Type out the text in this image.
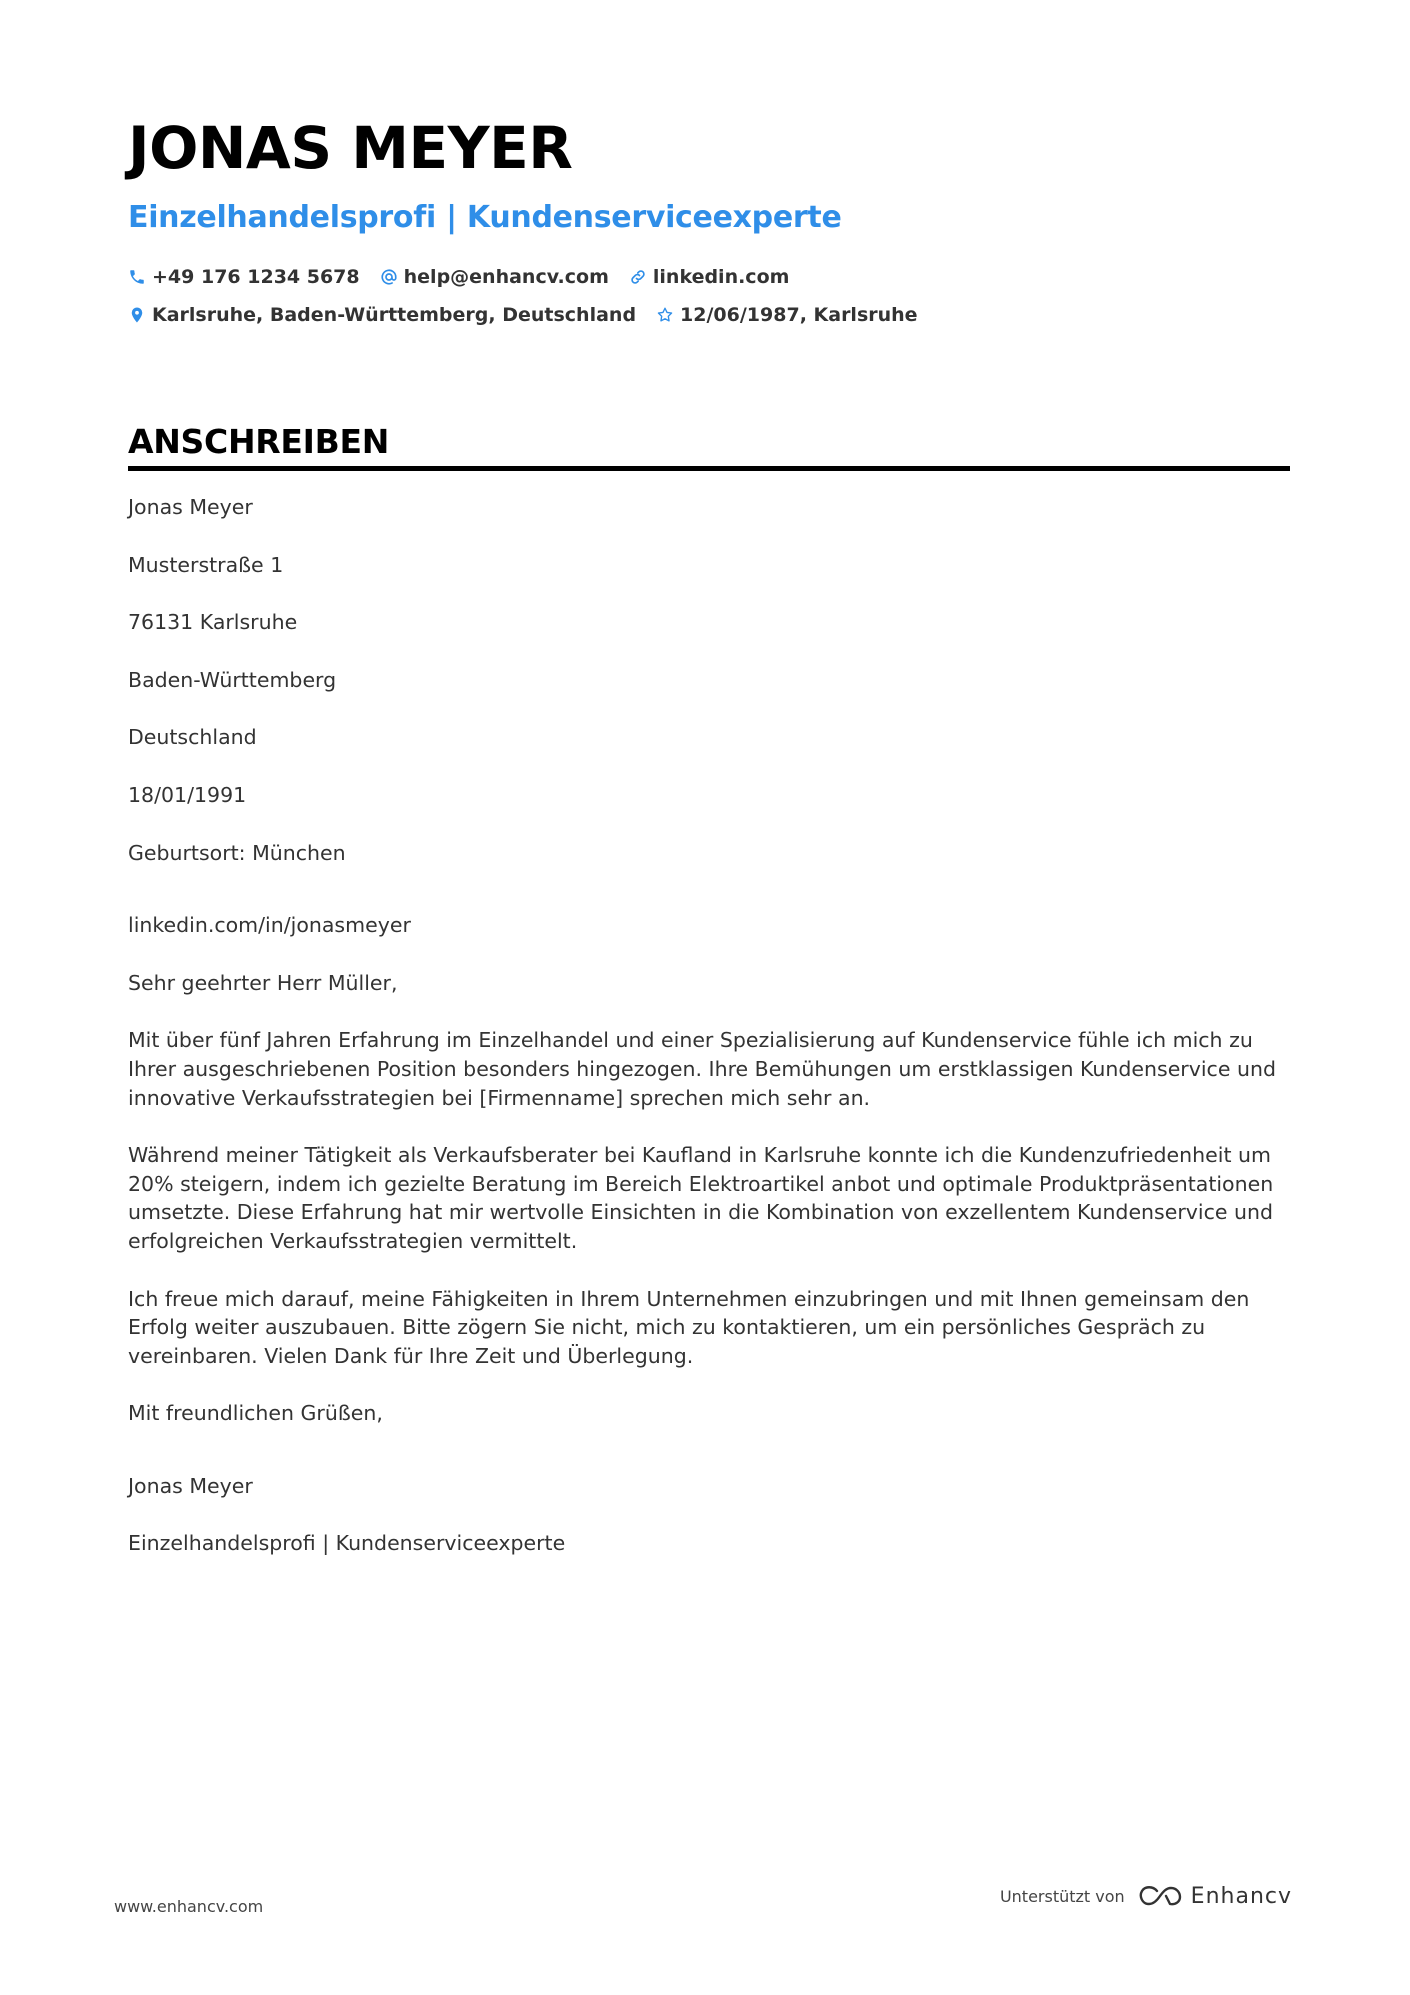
JONAS MEYER
Einzelhandelsprofi | Kundenserviceexperte
+49 176 1234 5678 help@enhancv.com linkedin.com
Karlsruhe, Baden-Württemberg, Deutschland 12/06/1987, Karlsruhe
ANSCHREIBEN

Jonas Meyer

Musterstraße 1

76131 Karlsruhe

Baden-Württemberg

Deutschland

18/01/1991

Geburtsort: München

linkedin.com/in/jonasmeyer

Sehr geehrter Herr Müller,

Mit über fünf Jahren Erfahrung im Einzelhandel und einer Spezialisierung auf Kundenservice fühle ich mich zu Ihrer ausgeschriebenen Position besonders hingezogen. Ihre Bemühungen um erstklassigen Kundenservice und innovative Verkaufsstrategien bei [Firmenname] sprechen mich sehr an.

Während meiner Tätigkeit als Verkaufsberater bei Kaufland in Karlsruhe konnte ich die Kundenzufriedenheit um 20% steigern, indem ich gezielte Beratung im Bereich Elektroartikel anbot und optimale Produktpräsentationen umsetzte. Diese Erfahrung hat mir wertvolle Einsichten in die Kombination von exzellentem Kundenservice und erfolgreichen Verkaufsstrategien vermittelt.

Ich freue mich darauf, meine Fähigkeiten in Ihrem Unternehmen einzubringen und mit Ihnen gemeinsam den Erfolg weiter auszubauen. Bitte zögern Sie nicht, mich zu kontaktieren, um ein persönliches Gespräch zu vereinbaren. Vielen Dank für Ihre Zeit und Überlegung.

Mit freundlichen Grüßen,

Jonas Meyer

Einzelhandelsprofi | Kundenserviceexperte

www.enhancv.com
Unterstützt von	Enhancv
